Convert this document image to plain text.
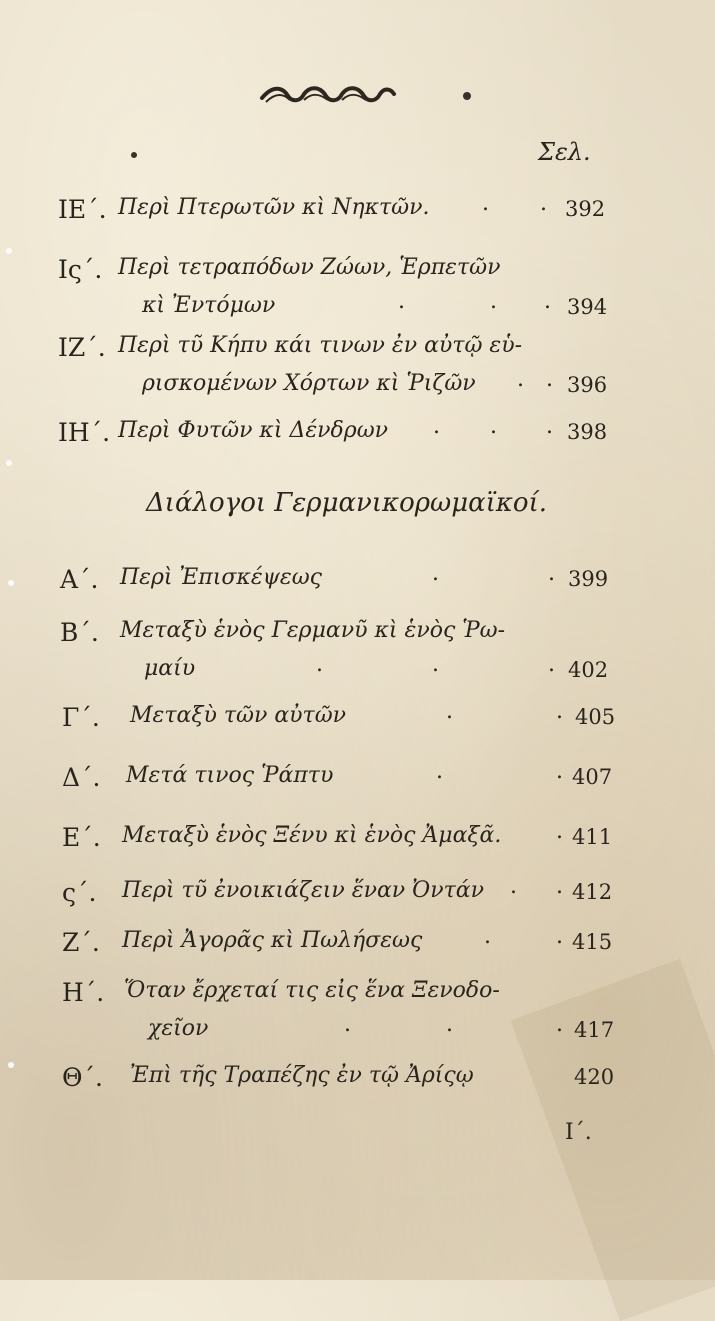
Σελ.
ΙΕ΄. Περὶ Πτερωτῶν κὶ Νηκτῶν. . . 392
Ις΄. Περὶ τετραπόδων Ζώων, Ἑρπετῶν
κὶ Ἐντόμων	.	. . 394
ΙΖ΄. Περὶ τῦ Κήπυ κάι τινων ἐν αὐτῷ εὑ-
ρισκομένων Χόρτων κὶ Ῥιζῶν . . 396
ΙΗ΄. Περὶ Φυτῶν κὶ Δένδρων . . . 398
Διάλογοι Γερμανικορωμαϊκοί.
Α΄. Περὶ Ἐπισκέψεως	.	. 399
Β΄. Μεταξὺ ἑνὸς Γερμανῦ κὶ ἑνὸς Ῥω-
μαίυ	.	.	. 402
Γ΄. Μεταξὺ τῶν αὐτῶν	.	. 405
Δ΄. Μετά τινος Ῥάπτυ	.	. 407
Ε΄. Μεταξὺ ἑνὸς Ξένυ κὶ ἑνὸς Ἀμαξᾶ. . 411
ς΄. Περὶ τῦ ἐνοικιάζειν ἕναν Ὀντάν . . 412
Ζ΄. Περὶ Ἀγορᾶς κὶ Πωλήσεως	.	. 415
Η΄. Ὅταν ἔρχεταί τις εἰς ἕνα Ξενοδο-
χεῖον	.	.	. 417
Θ΄. Ἐπὶ τῆς Τραπέζης ἐν τῷ Ἀρίςῳ	420
Ι΄.
